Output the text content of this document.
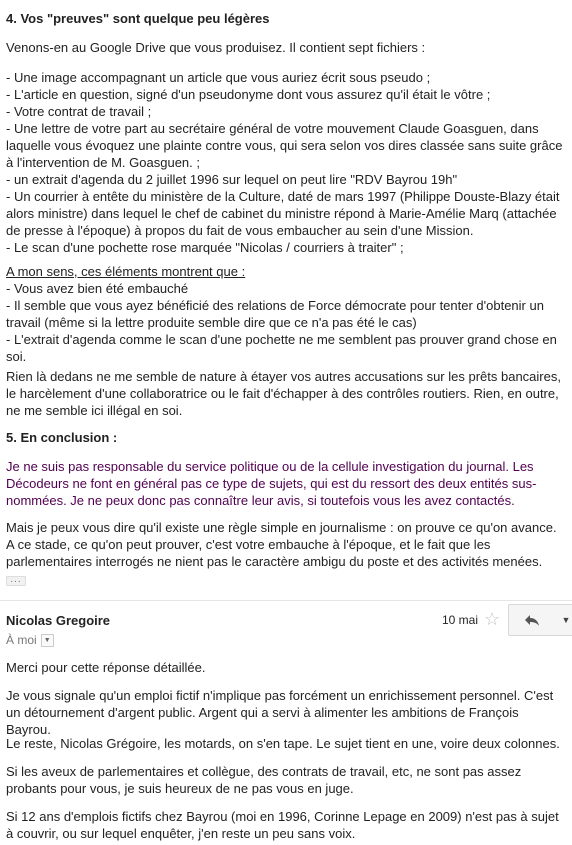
4. Vos "preuves" sont quelque peu légères

Venons-en au Google Drive que vous produisez. Il contient sept fichiers :

- Une image accompagnant un article que vous auriez écrit sous pseudo ;

- L'article en question, signé d'un pseudonyme dont vous assurez qu'il était le vôtre ;

- Votre contrat de travail ;

- Une lettre de votre part au secrétaire général de votre mouvement Claude Goasguen, dans laquelle vous évoquez une plainte contre vous, qui sera selon vos dires classée sans suite grâce à l'intervention de M. Goasguen. ;

- un extrait d'agenda du 2 juillet 1996 sur lequel on peut lire "RDV Bayrou 19h"

- Un courrier à entête du ministère de la Culture, daté de mars 1997 (Philippe Douste-Blazy était alors ministre) dans lequel le chef de cabinet du ministre répond à Marie-Amélie Marq (attachée de presse à l'époque) à propos du fait de vous embaucher au sein d'une Mission.

- Le scan d'une pochette rose marquée "Nicolas / courriers à traiter" ;

A mon sens, ces éléments montrent que :

- Vous avez bien été embauché

- Il semble que vous ayez bénéficié des relations de Force démocrate pour tenter d'obtenir un travail (même si la lettre produite semble dire que ce n'a pas été le cas)

- L'extrait d'agenda comme le scan d'une pochette ne me semblent pas prouver grand chose en soi.

Rien là dedans ne me semble de nature à étayer vos autres accusations sur les prêts bancaires, le harcèlement d'une collaboratrice ou le fait d'échapper à des contrôles routiers. Rien, en outre, ne me semble ici illégal en soi.

5. En conclusion :

Je ne suis pas responsable du service politique ou de la cellule investigation du journal. Les Décodeurs ne font en général pas ce type de sujets, qui est du ressort des deux entités sus-nommées. Je ne peux donc pas connaître leur avis, si toutefois vous les avez contactés.

Mais je peux vous dire qu'il existe une règle simple en journalisme : on prouve ce qu'on avance. A ce stade, ce qu'on peut prouver, c'est votre embauche à l'époque, et le fait que les parlementaires interrogés ne nient pas le caractère ambigu du poste et des activités menées.

...
Nicolas Gregoire	10 mai ☆	▼
À moi	▼

Merci pour cette réponse détaillée.

Je vous signale qu'un emploi fictif n'implique pas forcément un enrichissement personnel. C'est un détournement d'argent public. Argent qui a servi à alimenter les ambitions de François Bayrou.

Le reste, Nicolas Grégoire, les motards, on s'en tape. Le sujet tient en une, voire deux colonnes.

Si les aveux de parlementaires et collègue, des contrats de travail, etc, ne sont pas assez probants pour vous, je suis heureux de ne pas vous en juge.

Si 12 ans d'emplois fictifs chez Bayrou (moi en 1996, Corinne Lepage en 2009) n'est pas à sujet à couvrir, ou sur lequel enquêter, j'en reste un peu sans voix.
